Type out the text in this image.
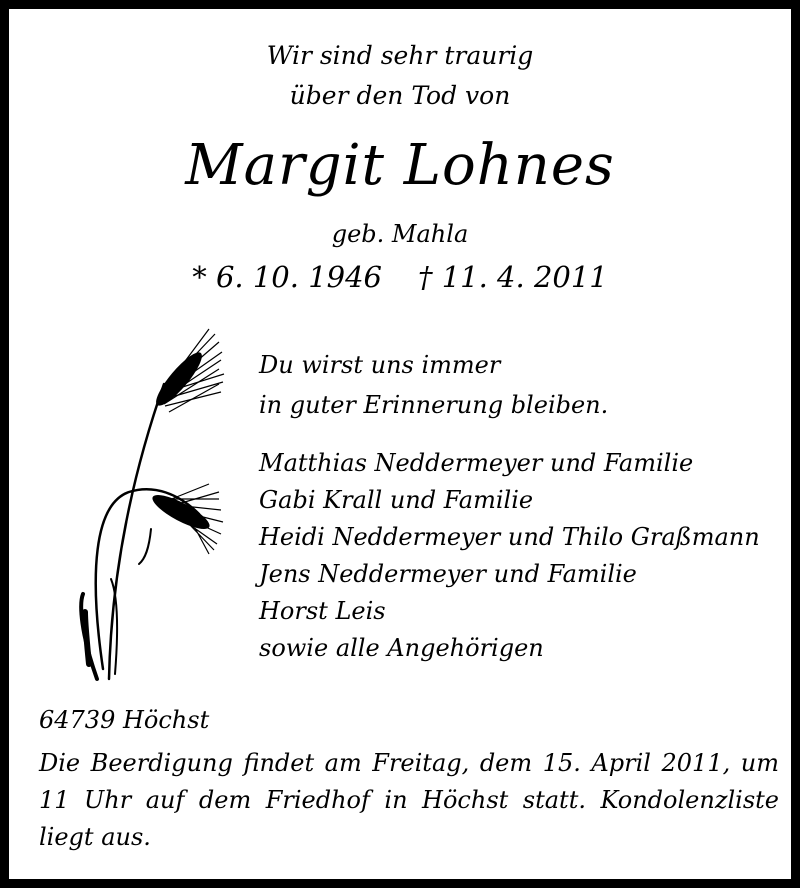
Wir sind sehr traurig
über den Tod von
Margit Lohnes
geb. Mahla
* 6. 10. 1946 † 11. 4. 2011
Du wirst uns immer
in guter Erinnerung bleiben.
Matthias Neddermeyer und Familie
Gabi Krall und Familie
Heidi Neddermeyer und Thilo Graßmann
Jens Neddermeyer und Familie
Horst Leis
sowie alle Angehörigen
64739 Höchst
Die Beerdigung findet am Freitag, dem 15. April 2011, um 11 Uhr auf dem Friedhof in Höchst statt. Kondolenzliste liegt aus.
